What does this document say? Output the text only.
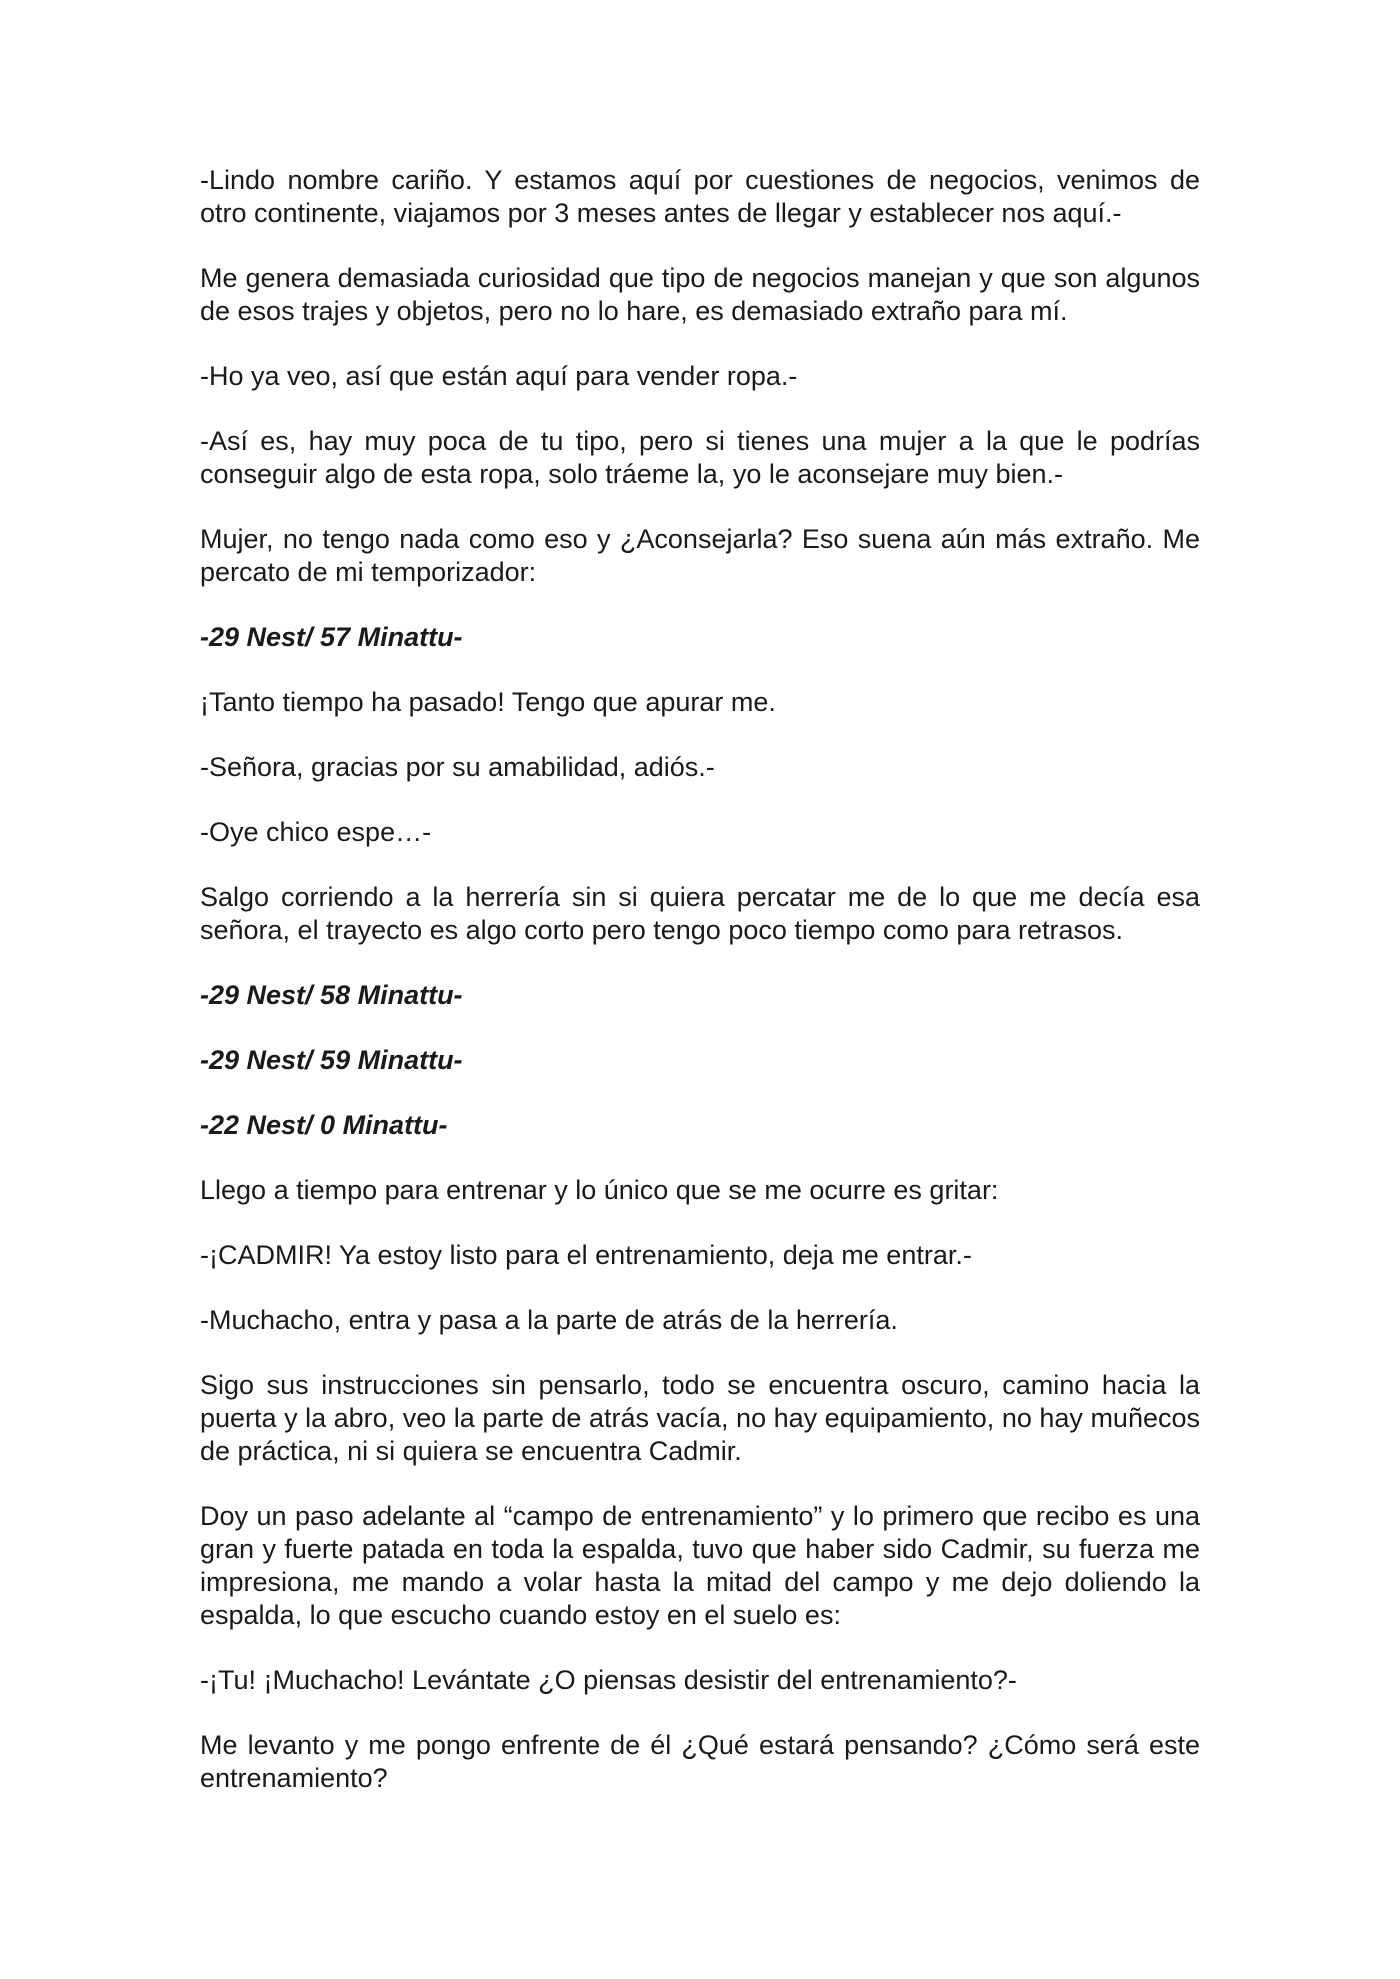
-Lindo nombre cariño. Y estamos aquí por cuestiones de negocios, venimos de otro continente, viajamos por 3 meses antes de llegar y establecer nos aquí.-

Me genera demasiada curiosidad que tipo de negocios manejan y que son algunos de esos trajes y objetos, pero no lo hare, es demasiado extraño para mí.

-Ho ya veo, así que están aquí para vender ropa.-

-Así es, hay muy poca de tu tipo, pero si tienes una mujer a la que le podrías conseguir algo de esta ropa, solo tráeme la, yo le aconsejare muy bien.-

Mujer, no tengo nada como eso y ¿Aconsejarla? Eso suena aún más extraño. Me percato de mi temporizador:

-29 Nest/ 57 Minattu-

¡Tanto tiempo ha pasado! Tengo que apurar me.

-Señora, gracias por su amabilidad, adiós.-

-Oye chico espe…-

Salgo corriendo a la herrería sin si quiera percatar me de lo que me decía esa señora, el trayecto es algo corto pero tengo poco tiempo como para retrasos.

-29 Nest/ 58 Minattu-

-29 Nest/ 59 Minattu-

-22 Nest/ 0 Minattu-

Llego a tiempo para entrenar y lo único que se me ocurre es gritar:

-¡CADMIR! Ya estoy listo para el entrenamiento, deja me entrar.-

-Muchacho, entra y pasa a la parte de atrás de la herrería.

Sigo sus instrucciones sin pensarlo, todo se encuentra oscuro, camino hacia la puerta y la abro, veo la parte de atrás vacía, no hay equipamiento, no hay muñecos de práctica, ni si quiera se encuentra Cadmir.

Doy un paso adelante al “campo de entrenamiento” y lo primero que recibo es una gran y fuerte patada en toda la espalda, tuvo que haber sido Cadmir, su fuerza me impresiona, me mando a volar hasta la mitad del campo y me dejo doliendo la espalda, lo que escucho cuando estoy en el suelo es:

-¡Tu! ¡Muchacho! Levántate ¿O piensas desistir del entrenamiento?-

Me levanto y me pongo enfrente de él ¿Qué estará pensando? ¿Cómo será este entrenamiento?
